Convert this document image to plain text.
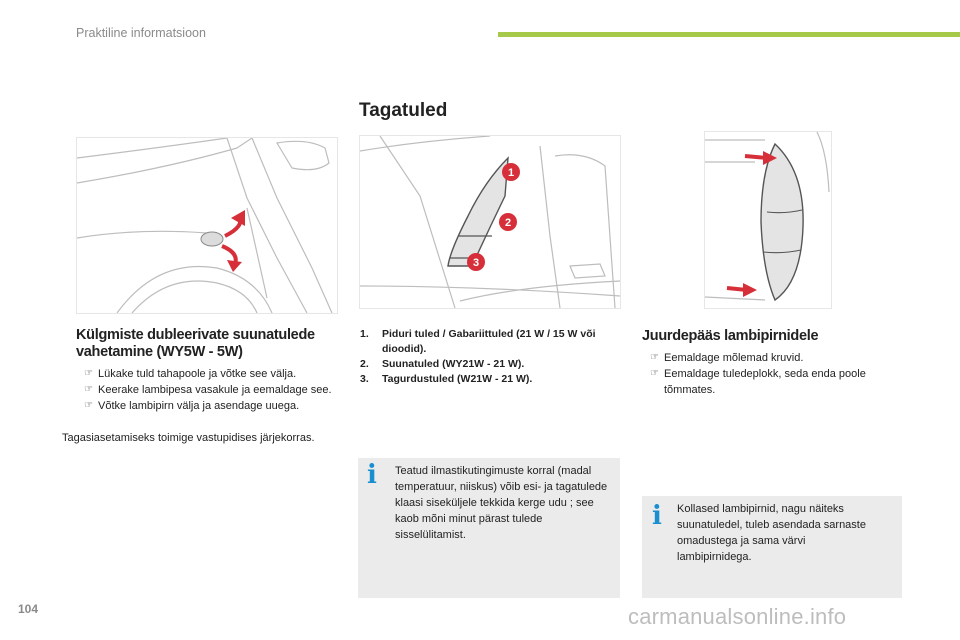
Praktiline informatsioon
Tagatuled
1
2
3
Külgmiste dubleerivate suunatulede
vahetamine (WY5W - 5W)
☞ Lükake tuld tahapoole ja võtke see välja.
☞ Keerake lambipesa vasakule ja eemaldage see.
☞ Võtke lambipirn välja ja asendage uuega.
Tagasiasetamiseks toimige vastupidises järjekorras.
1. Piduri tuled / Gabariittuled (21 W / 15 W või dioodid).
2. Suunatuled (WY21W - 21 W).
3. Tagurdustuled (W21W - 21 W).
i Teatud ilmastikutingimuste korral (madal temperatuur, niiskus) võib esi- ja tagatulede klaasi siseküljele tekkida kerge udu ; see kaob mõni minut pärast tulede sisselülitamist.
Juurdepääs lambipirnidele
☞ Eemaldage mõlemad kruvid.
☞ Eemaldage tuledeplokk, seda enda poole tõmmates.
i Kollased lambipirnid, nagu näiteks suunatuledel, tuleb asendada sarnaste omadustega ja sama värvi lambipirnidega.
104	carmanualsonline.info
